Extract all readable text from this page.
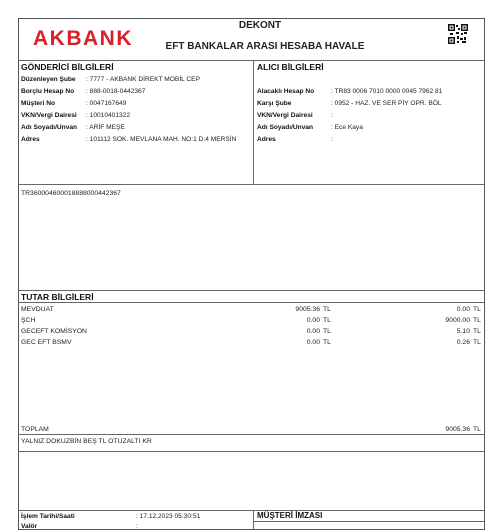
AKBANK
DEKONT
EFT BANKALAR ARASI HESABA HAVALE
GÖNDERİCİ BİLGİLERİ
Düzenleyen Şube : 7777 - AKBANK DİREKT MOBİL CEP
Borçlu Hesap No : 888-0018-0442367
Müşteri No	: 0047167649
VKN/Vergi Dairesi : 10010401322
Adı Soyadı/Unvan : ARİF MEŞE
Adres	: 101112 SOK. MEVLANA MAH. NO:1 D:4 MERSİN
ALICI BİLGİLERİ
Alacaklı Hesap No	: TR83 0006 7010 0000 0045 7962 81
Karşı Şube	: 0952 - HAZ. VE SER PİY OPR. BÖL
VKN/Vergi Dairesi	:
Adı Soyadı/Unvan	: Ece Kaya
Adres	:
TR360004600018888000442367
TUTAR BİLGİLERİ
MEVDUAT	9005.36 TL	0.00 TL
ŞCH	0.00 TL	9000.00 TL
GECEFT KOMİSYON	0.00 TL	5.10 TL
GEC EFT BSMV	0.00 TL	0.26 TL
TOPLAM	9005.36 TL
YALNIZ DOKUZBİN BEŞ TL OTUZALTI KR
İşlem Tarihi/Saati	: 17.12.2023 05:30:51
Valör	:
MÜŞTERİ İMZASI
